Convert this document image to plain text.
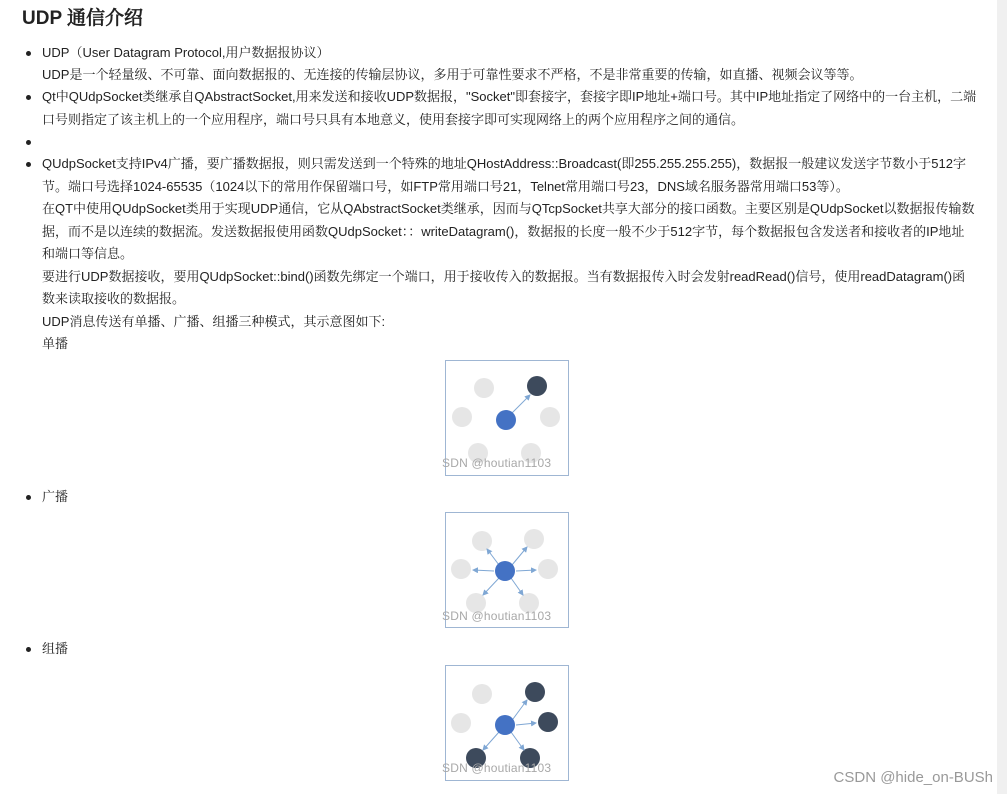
UDP 通信介绍

UDP（User Datagram Protocol,用户数据报协议）

UDP是一个轻量级、不可靠、面向数据报的、无连接的传输层协议，多用于可靠性要求不严格，不是非常重要的传输，如直播、视频会议等等。

Qt中QUdpSocket类继承自QAbstractSocket,用来发送和接收UDP数据报，"Socket"即套接字，套接字即IP地址+端口号。其中IP地址指定了网络中的一台主机，二端口号则指定了该主机上的一个应用程序，端口号只具有本地意义，使用套接字即可实现网络上的两个应用程序之间的通信。

QUdpSocket支持IPv4广播，要广播数据报，则只需发送到一个特殊的地址QHostAddress::Broadcast(即255.255.255.255)，数据报一般建议发送字节数小于512字节。端口号选择1024-65535（1024以下的常用作保留端口号，如FTP常用端口号21，Telnet常用端口号23，DNS域名服务器常用端口53等）。

在QT中使用QUdpSocket类用于实现UDP通信，它从QAbstractSocket类继承，因而与QTcpSocket共享大部分的接口函数。主要区别是QUdpSocket以数据报传输数据，而不是以连续的数据流。发送数据报使用函数QUdpSocket：：writeDatagram()，数据报的长度一般不少于512字节，每个数据报包含发送者和接收者的IP地址和端口等信息。

要进行UDP数据接收，要用QUdpSocket::bind()函数先绑定一个端口，用于接收传入的数据报。当有数据报传入时会发射readRead()信号，使用readDatagram()函数来读取接收的数据报。

UDP消息传送有单播、广播、组播三种模式，其示意图如下:

单播

SDN @houtian1103

广播

SDN @houtian1103

组播

SDN @houtian1103
CSDN @hide_on-BUSh
